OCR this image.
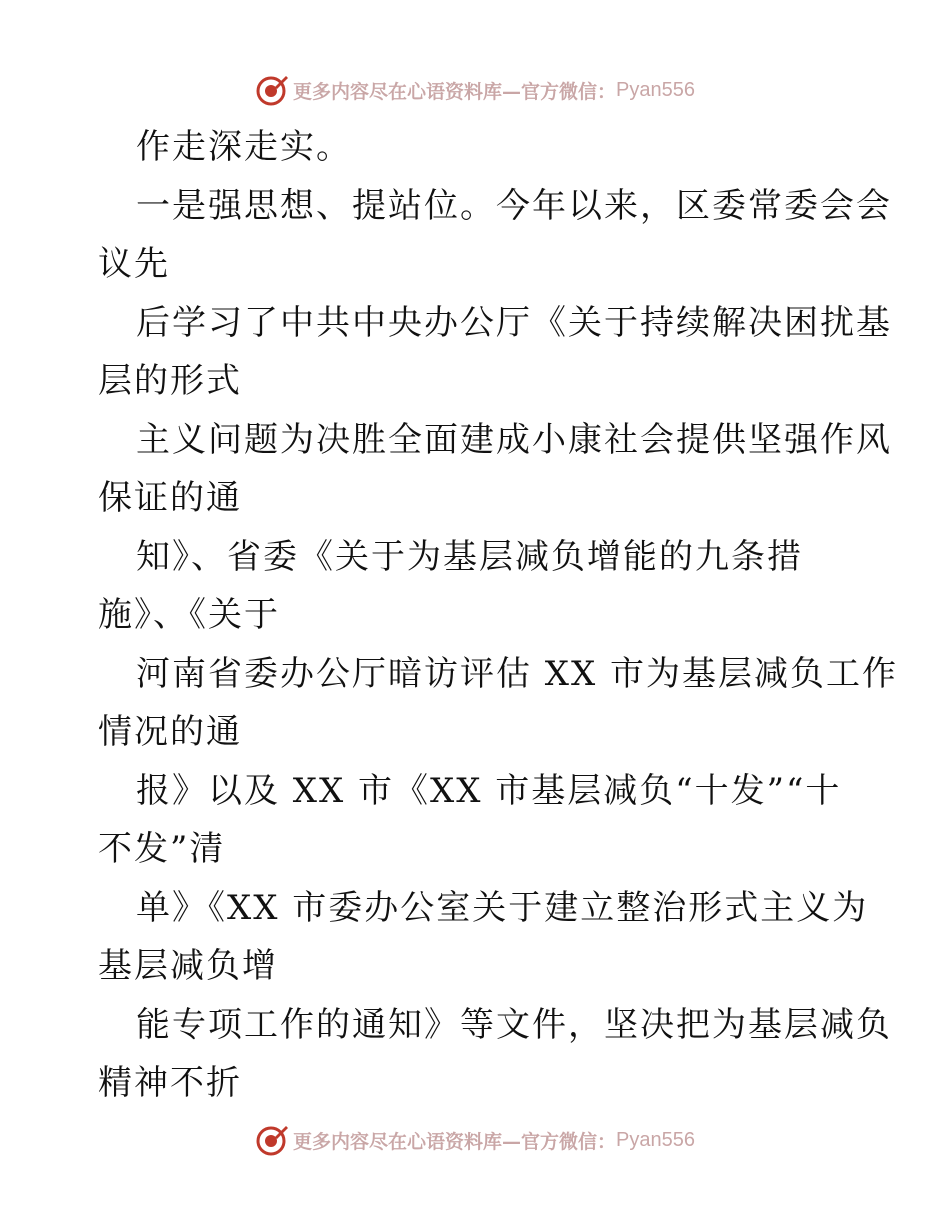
更多内容尽在心语资料库—官方微信： Pyan556
作走深走实。
一是强思想、提站位。今年以来，区委常委会会
议先
后学习了中共中央办公厅《关于持续解决困扰基
层的形式
主义问题为决胜全面建成小康社会提供坚强作风
保证的通
知》、省委《关于为基层减负增能的九条措
施》、《关于
河南省委办公厅暗访评估 XX 市为基层减负工作
情况的通
报》以及 XX 市《XX 市基层减负“十发”“十
不发”清
单》《XX 市委办公室关于建立整治形式主义为
基层减负增
能专项工作的通知》等文件，坚决把为基层减负
精神不折
更多内容尽在心语资料库—官方微信： Pyan556
